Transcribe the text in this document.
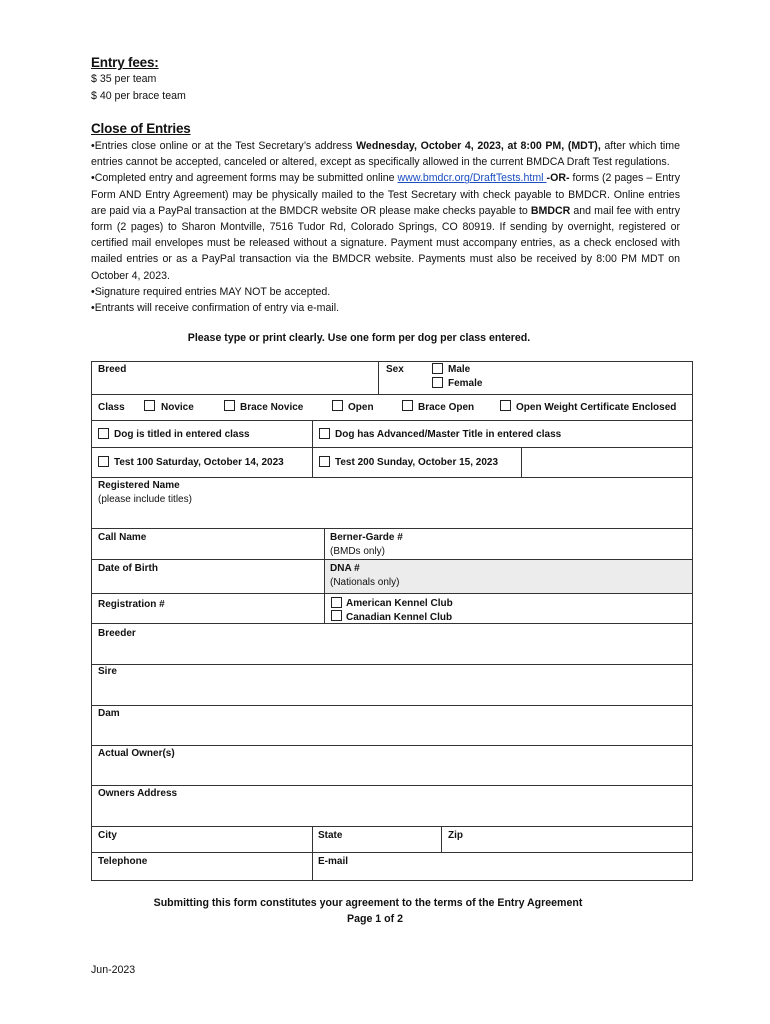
Entry fees:
$ 35 per team
$ 40 per brace team
Close of Entries

•Entries close online or at the Test Secretary’s address Wednesday, October 4, 2023, at 8:00 PM, (MDT), after which time entries cannot be accepted, canceled or altered, except as specifically allowed in the current BMDCA Draft Test regulations.

•Completed entry and agreement forms may be submitted online www.bmdcr.org/DraftTests.html -OR- forms (2 pages – Entry Form AND Entry Agreement) may be physically mailed to the Test Secretary with check payable to BMDCR. Online entries are paid via a PayPal transaction at the BMDCR website OR please make checks payable to BMDCR and mail fee with entry form (2 pages) to Sharon Montville, 7516 Tudor Rd, Colorado Springs, CO 80919. If sending by overnight, registered or certified mail envelopes must be released without a signature. Payment must accompany entries, as a check enclosed with mailed entries or as a PayPal transaction via the BMDCR website. Payments must also be received by 8:00 PM MDT on October 4, 2023.

•Signature required entries MAY NOT be accepted.

•Entrants will receive confirmation of entry via e-mail.

Please type or print clearly. Use one form per dog per class entered.
Breed	Sex	Male
Female
Class	Novice	Brace Novice	Open	Brace Open	Open Weight Certificate Enclosed
Dog is titled in entered class	Dog has Advanced/Master Title in entered class
Test 100 Saturday, October 14, 2023	Test 200 Sunday, October 15, 2023
Registered Name
(please include titles)
Call Name	Berner-Garde #
(BMDs only)
Date of Birth	DNA #
(Nationals only)
Registration #	American Kennel Club
Canadian Kennel Club
Breeder
Sire
Dam
Actual Owner(s)
Owners Address
City	State	Zip
Telephone	E-mail
Submitting this form constitutes your agreement to the terms of the Entry Agreement
Page 1 of 2
Jun-2023
